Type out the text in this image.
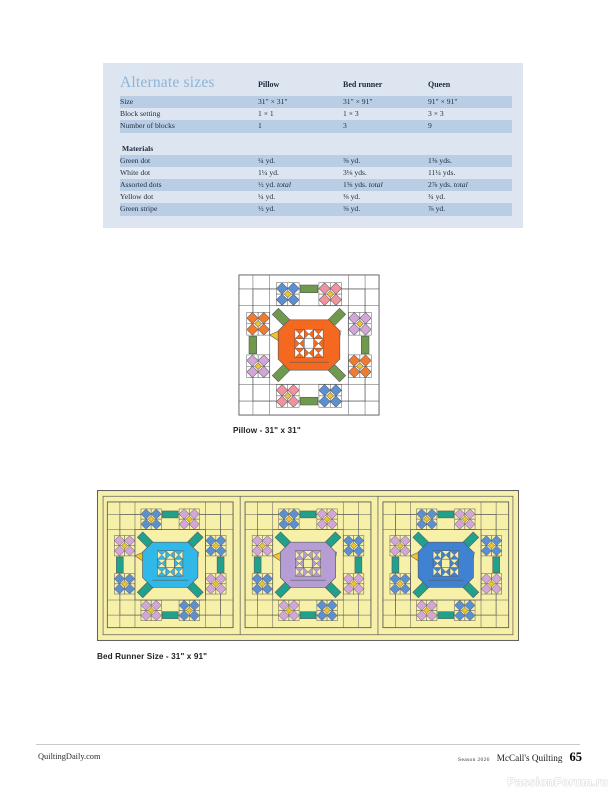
Alternate sizes
		Pillow	Bed runner	Queen
Size	31" × 31"	31" × 91"	91" × 91"
Block setting	1 × 1	1 × 3	3 × 3
Number of blocks	1	3	9

Materials			
Green dot	¼ yd.	⅝ yd.	1⅜ yds.
White dot	1¼ yd.	3⅛ yds.	11¼ yds.
Assorted dots	½ yd. total	1⅝ yds. total	2⅞ yds. total
Yellow dot	¼ yd.	⅜ yd.	¾ yd.
Green stripe	½ yd.	⅝ yd.	⅞ yd.
Pillow - 31" x 31"
Bed Runner Size - 31" x 91"
QuiltingDaily.com	Season 2026 McCall's Quilting 65
PassionForum.ru
